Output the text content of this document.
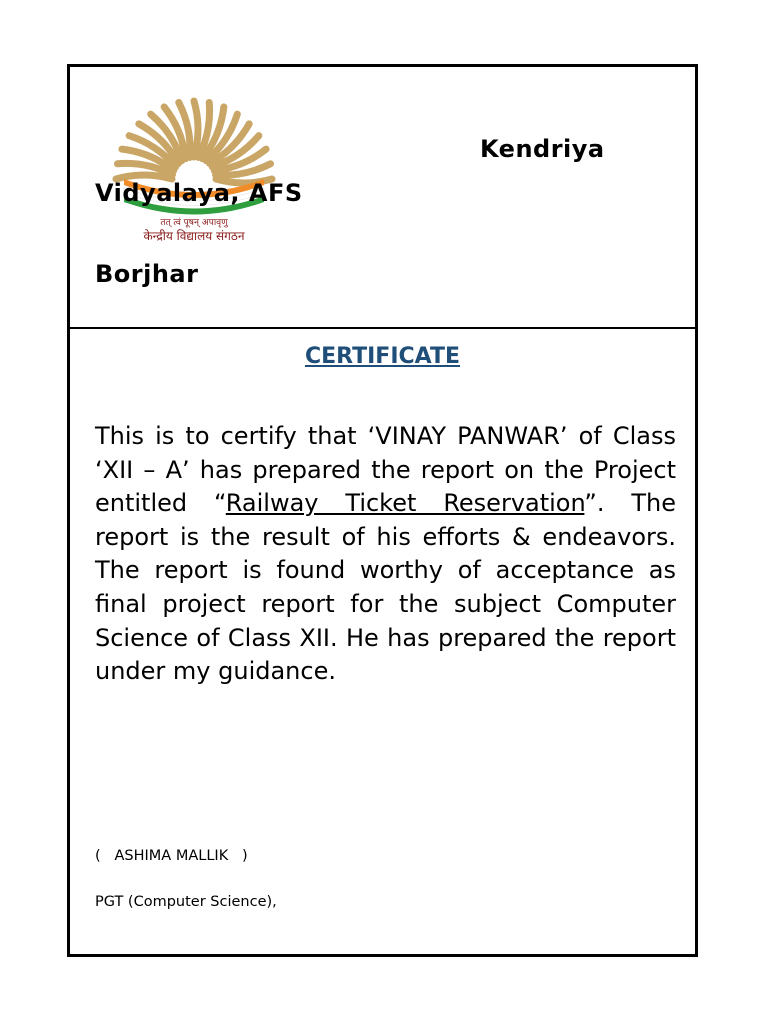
तत् त्वं पूषन् अपावृणु
केन्द्रीय विद्यालय संगठन
Kendriya
Vidyalaya, AFS
Borjhar
CERTIFICATE
This is to certify that ‘VINAY PANWAR’ of Class ‘XII – A’ has prepared the report on the Project entitled “Railway Ticket Reservation”. The report is the result of his efforts & endeavors. The report is found worthy of acceptance as final project report for the subject Computer Science of Class XII. He has prepared the report under my guidance.
(   ASHIMA MALLIK   )
PGT (Computer Science),
